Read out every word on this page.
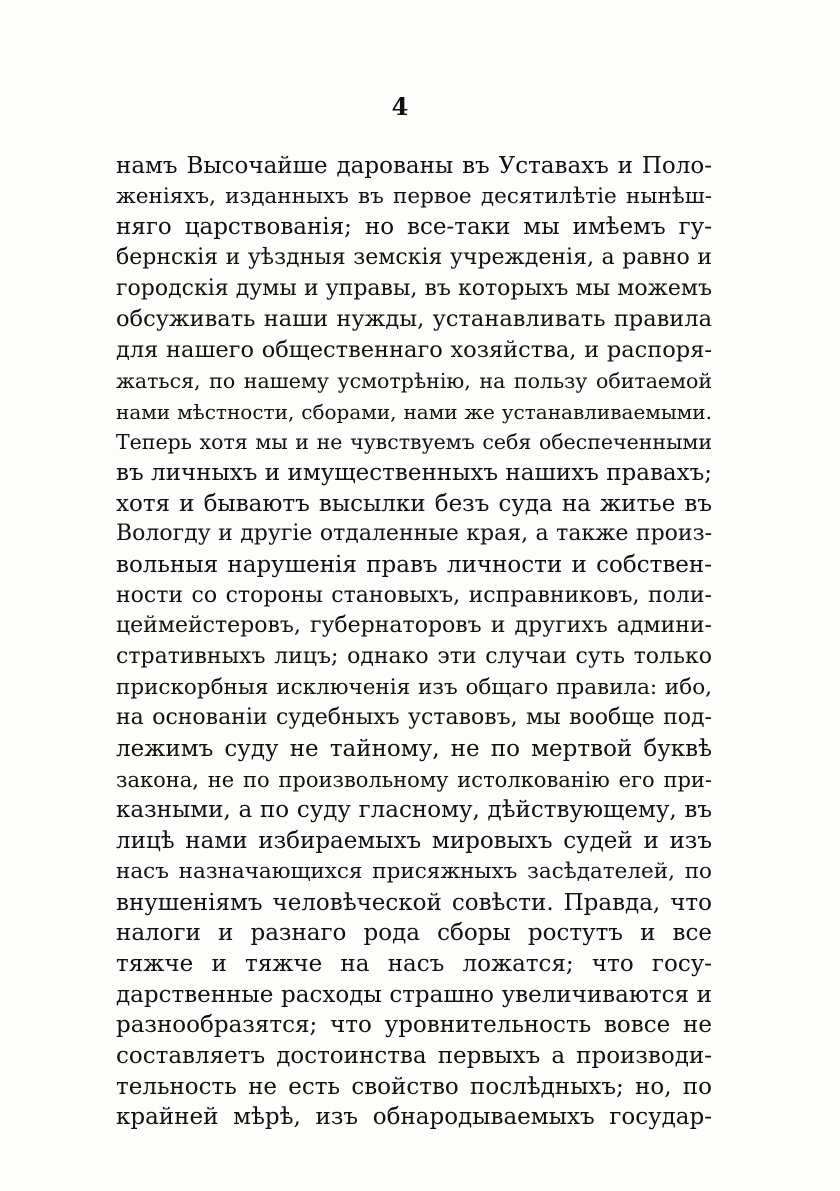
4
намъ Высочайше дарованы въ Уставахъ и Поло-
женіяхъ, изданныхъ въ первое десятилѣтіе нынѣш-
няго царствованія; но все-таки мы имѣемъ гу-
бернскія и уѣздныя земскія учрежденія, а равно и
городскія думы и управы, въ которыхъ мы можемъ
обсуживать наши нужды, устанавливать правила
для нашего общественнаго хозяйства, и распоря-
жаться, по нашему усмотрѣнію, на пользу обитаемой
нами мѣстности, сборами, нами же устанавливаемыми.
Теперь хотя мы и не чувствуемъ себя обеспеченными
въ личныхъ и имущественныхъ нашихъ правахъ;
хотя и бываютъ высылки безъ суда на житье въ
Вологду и другіе отдаленные края, а также произ-
вольныя нарушенія правъ личности и собствен-
ности со стороны становыхъ, исправниковъ, поли-
цеймейстеровъ, губернаторовъ и другихъ админи-
стративныхъ лицъ; однако эти случаи суть только
прискорбныя исключенія изъ общаго правила: ибо,
на основаніи судебныхъ уставовъ, мы вообще под-
лежимъ суду не тайному, не по мертвой буквѣ
закона, не по произвольному истолкованію его при-
казными, а по суду гласному, дѣйствующему, въ
лицѣ нами избираемыхъ мировыхъ судей и изъ
насъ назначающихся присяжныхъ засѣдателей, по
внушеніямъ человѣческой совѣсти. Правда, что
налоги и разнаго рода сборы ростутъ и все
тяжче и тяжче на насъ ложатся; что госу-
дарственные расходы страшно увеличиваются и
разнообразятся; что уровнительность вовсе не
составляетъ достоинства первыхъ а производи-
тельность не есть свойство послѣдныхъ; но, по
крайней мѣрѣ, изъ обнародываемыхъ государ-
